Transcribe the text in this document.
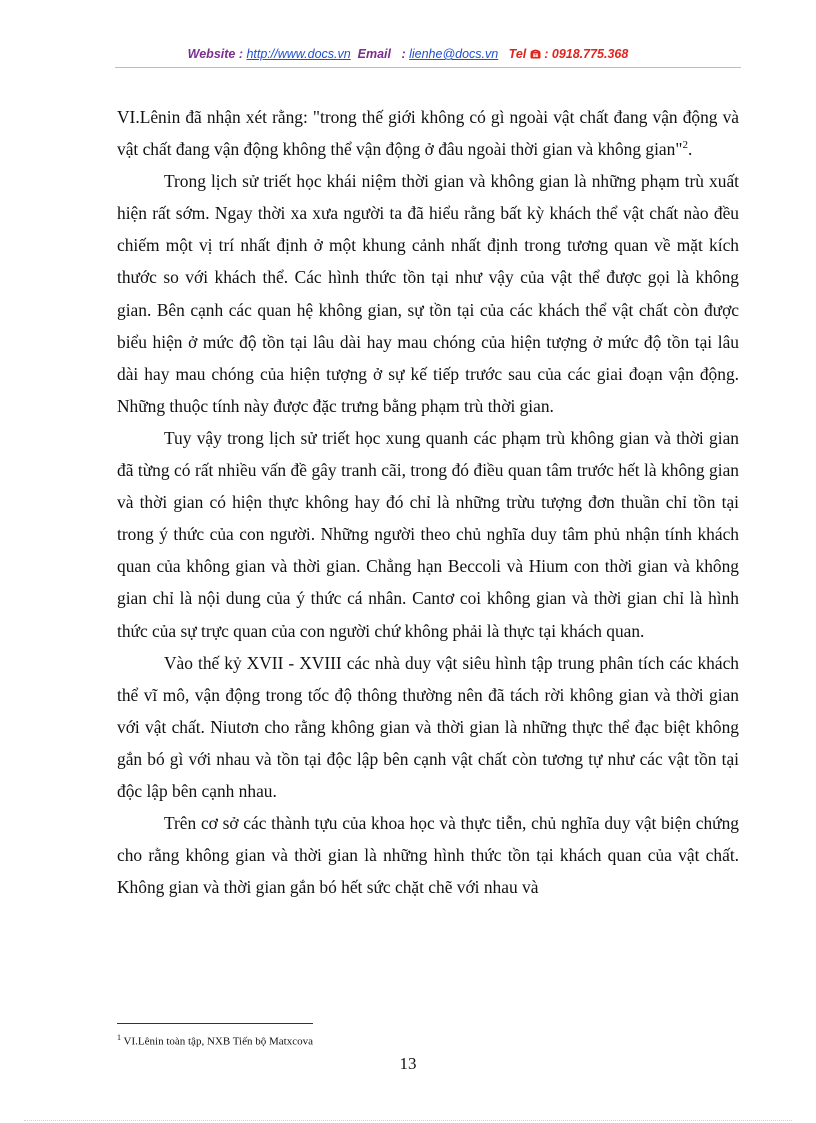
Website : http://www.docs.vn Email : lienhe@docs.vn Tel : 0918.775.368

VI.Lênin đã nhận xét rằng: "trong thế giới không có gì ngoài vật chất đang vận động và vật chất đang vận động không thể vận động ở đâu ngoài thời gian và không gian"$^2$.

Trong lịch sử triết học khái niệm thời gian và không gian là những phạm trù xuất hiện rất sớm. Ngay thời xa xưa người ta đã hiểu rằng bất kỳ khách thể vật chất nào đều chiếm một vị trí nhất định ở một khung cảnh nhất định trong tương quan về mặt kích thước so với khách thể. Các hình thức tồn tại như vậy của vật thể được gọi là không gian. Bên cạnh các quan hệ không gian, sự tồn tại của các khách thể vật chất còn được biểu hiện ở mức độ tồn tại lâu dài hay mau chóng của hiện tượng ở mức độ tồn tại lâu dài hay mau chóng của hiện tượng ở sự kế tiếp trước sau của các giai đoạn vận động. Những thuộc tính này được đặc trưng bằng phạm trù thời gian.

Tuy vậy trong lịch sử triết học xung quanh các phạm trù không gian và thời gian đã từng có rất nhiều vấn đề gây tranh cãi, trong đó điều quan tâm trước hết là không gian và thời gian có hiện thực không hay đó chỉ là những trừu tượng đơn thuần chỉ tồn tại trong ý thức của con người. Những người theo chủ nghĩa duy tâm phủ nhận tính khách quan của không gian và thời gian. Chẳng hạn Beccoli và Hium con thời gian và không gian chỉ là nội dung của ý thức cá nhân. Cantơ coi không gian và thời gian chỉ là hình thức của sự trực quan của con người chứ không phải là thực tại khách quan.

Vào thế kỷ XVII - XVIII các nhà duy vật siêu hình tập trung phân tích các khách thể vĩ mô, vận động trong tốc độ thông thường nên đã tách rời không gian và thời gian với vật chất. Niutơn cho rằng không gian và thời gian là những thực thể đạc biệt không gắn bó gì với nhau và tồn tại độc lập bên cạnh vật chất còn tương tự như các vật tồn tại độc lập bên cạnh nhau.

Trên cơ sở các thành tựu của khoa học và thực tiễn, chủ nghĩa duy vật biện chứng cho rằng không gian và thời gian là những hình thức tồn tại khách quan của vật chất. Không gian và thời gian gắn bó hết sức chặt chẽ với nhau và

$^1$ VI.Lênin toàn tập, NXB Tiến bộ Matxcova
13
